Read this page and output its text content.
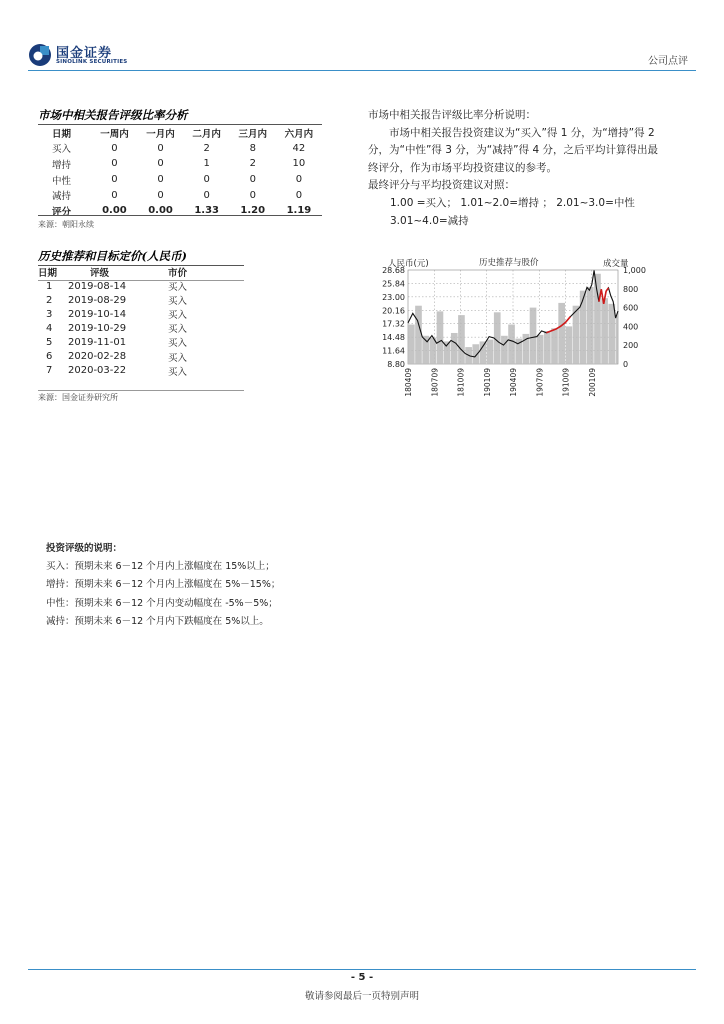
国金证券
SINOLINK SECURITIES	公司点评
市场中相关报告评级比率分析
日期	一周内	一月内	二月内	三月内	六月内
买入	0	0	2	8	42
增持	0	0	1	2	10
中性	0	0	0	0	0
减持	0	0	0	0	0
评分	0.00	0.00	1.33	1.20	1.19
来源：朝阳永续
历史推荐和目标定价(人民币)
日期	评级	市价
1	2019-08-14	买入
2	2019-08-29	买入
3	2019-10-14	买入
4	2019-10-29	买入
5	2019-11-01	买入
6	2020-02-28	买入
7	2020-03-22	买入
来源：国金证券研究所

市场中相关报告评级比率分析说明：

市场中相关报告投资建议为“买入”得 1 分，为“增持”得 2 分，为“中性”得 3 分，为“减持”得 4 分，之后平均计算得出最终评分，作为市场平均投资建议的参考。

最终评分与平均投资建议对照：

1.00 =买入； 1.01~2.0=增持 ； 2.01~3.0=中性

3.01~4.0=减持

人民币(元)	历史推荐与股价	成交量
28.68
25.84
23.00
20.16
17.32
14.48
11.64
8.80
1,000
800
600
400
200
0
180409 180709 181009 190109 190409 190709 191009 200109
投资评级的说明：
买入：预期未来 6－12 个月内上涨幅度在 15%以上；
增持：预期未来 6－12 个月内上涨幅度在 5%－15%；
中性：预期未来 6－12 个月内变动幅度在 -5%－5%；
减持：预期未来 6－12 个月内下跌幅度在 5%以上。
- 5 -
敬请参阅最后一页特别声明
